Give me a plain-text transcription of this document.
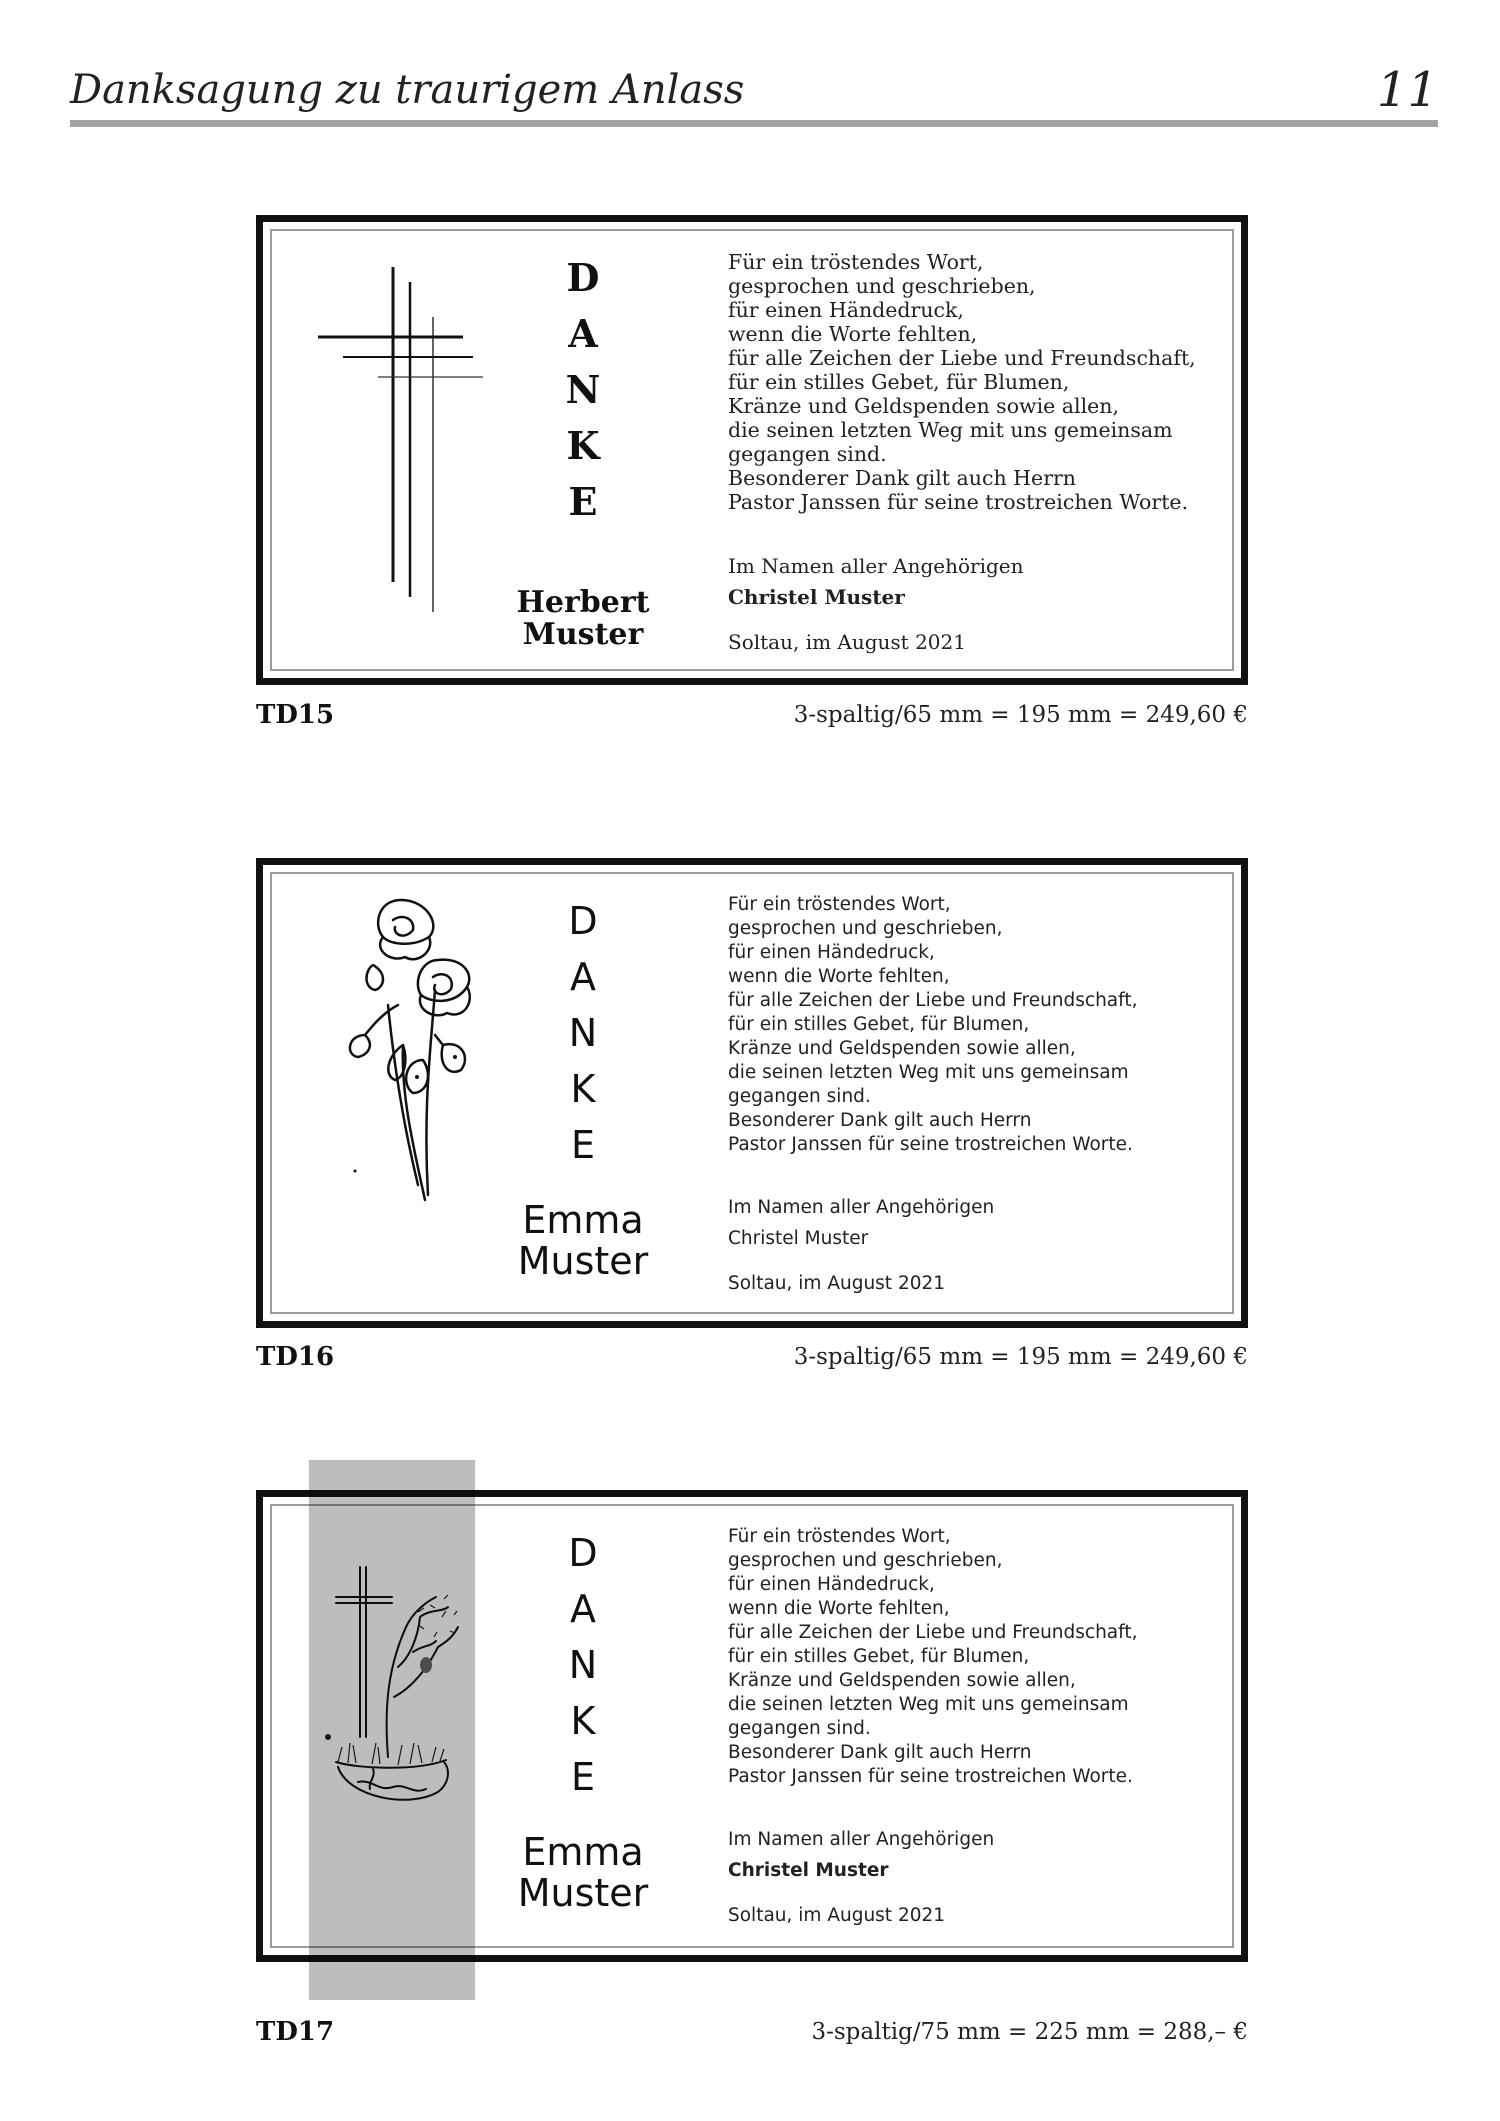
Danksagung zu traurigem Anlass	11
D
A
N
K
E
Herbert
Muster
Für ein tröstendes Wort,
gesprochen und geschrieben,
für einen Händedruck,
wenn die Worte fehlten,
für alle Zeichen der Liebe und Freundschaft,
für ein stilles Gebet, für Blumen,
Kränze und Geldspenden sowie allen,
die seinen letzten Weg mit uns gemeinsam
gegangen sind.
Besonderer Dank gilt auch Herrn
Pastor Janssen für seine trostreichen Worte.
Im Namen aller Angehörigen
Christel Muster
Soltau, im August 2021
TD15	3-spaltig/65 mm = 195 mm = 249,60 €
D
A
N
K
E
Emma
Muster
Für ein tröstendes Wort,
gesprochen und geschrieben,
für einen Händedruck,
wenn die Worte fehlten,
für alle Zeichen der Liebe und Freundschaft,
für ein stilles Gebet, für Blumen,
Kränze und Geldspenden sowie allen,
die seinen letzten Weg mit uns gemeinsam
gegangen sind.
Besonderer Dank gilt auch Herrn
Pastor Janssen für seine trostreichen Worte.
Im Namen aller Angehörigen
Christel Muster
Soltau, im August 2021
TD16	3-spaltig/65 mm = 195 mm = 249,60 €
D
A
N
K
E
Emma
Muster
Für ein tröstendes Wort,
gesprochen und geschrieben,
für einen Händedruck,
wenn die Worte fehlten,
für alle Zeichen der Liebe und Freundschaft,
für ein stilles Gebet, für Blumen,
Kränze und Geldspenden sowie allen,
die seinen letzten Weg mit uns gemeinsam
gegangen sind.
Besonderer Dank gilt auch Herrn
Pastor Janssen für seine trostreichen Worte.
Im Namen aller Angehörigen
Christel Muster
Soltau, im August 2021
TD17	3-spaltig/75 mm = 225 mm = 288,– €
